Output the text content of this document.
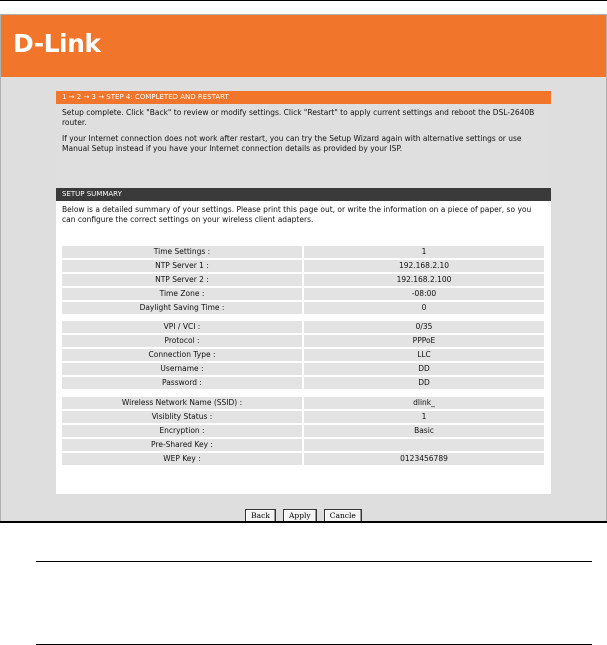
D-Link
1 → 2 → 3 → STEP 4: COMPLETED AND RESTART

Setup complete. Click "Back" to review or modify settings. Click "Restart" to apply current settings and reboot the DSL-2640B router.

If your Internet connection does not work after restart, you can try the Setup Wizard again with alternative settings or use Manual Setup instead if you have your Internet connection details as provided by your ISP.

SETUP SUMMARY
Below is a detailed summary of your settings. Please print this page out, or write the information on a piece of paper, so you can configure the correct settings on your wireless client adapters.
Time Settings :	1
NTP Server 1 :	192.168.2.10
NTP Server 2 :	192.168.2.100
Time Zone :	-08:00
Daylight Saving Time :	0
VPI / VCI :	0/35
Protocol :	PPPoE
Connection Type :	LLC
Username :	DD
Password :	DD
Wireless Network Name (SSID) :	dlink_
Visiblity Status :	1
Encryption :	Basic
Pre-Shared Key :
WEP Key :	0123456789
Back	Apply	Cancle
